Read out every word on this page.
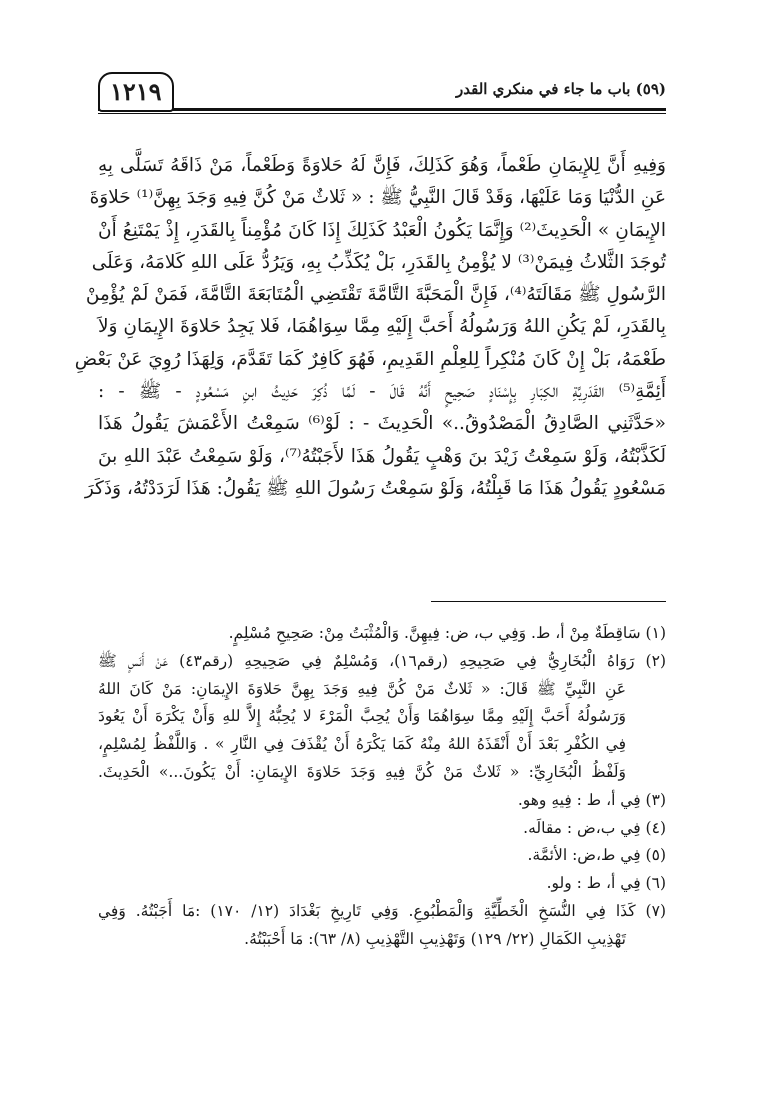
(٥٩) باب ما جاء في منكري القدر
١٢١٩
وَفِيهِ أَنَّ لِلإِيمَانِ طَعْماً، وَهُوَ كَذَلِكَ، فَإِنَّ لَهُ حَلاوَةً وَطَعْماً، مَنْ ذَاقَهُ تَسَلَّى بِهِ
عَنِ الدُّنْيَا وَمَا عَلَيْهَا، وَقَدْ قَالَ النَّبِيُّ ﷺ : « ثَلاثٌ مَنْ كُنَّ فِيهِ وَجَدَ بِهِنَّ⁽¹⁾ حَلاوَةَ
الإِيمَانِ » الْحَدِيثَ⁽²⁾ وَإِنَّمَا يَكُونُ الْعَبْدُ كَذَلِكَ إِذَا كَانَ مُؤْمِناً بِالقَدَرِ، إِذْ يَمْتَنِعُ أَنْ
تُوجَدَ الثَّلاثُ فِيمَنْ⁽³⁾ لا يُؤْمِنُ بِالقَدَرِ، بَلْ يُكَذِّبُ بِهِ، وَيَرُدُّ عَلَى اللهِ كَلامَهُ، وَعَلَى
الرَّسُولِ ﷺ مَقَالَتَهُ⁽⁴⁾، فَإِنَّ الْمَحَبَّةَ التَّامَّةَ تَقْتَضِي الْمُتَابَعَةَ التَّامَّةَ، فَمَنْ لَمْ يُؤْمِنْ
بِالقَدَرِ، لَمْ يَكُنِ اللهُ وَرَسُولُهُ أَحَبَّ إِلَيْهِ مِمَّا سِوَاهُمَا، فَلا يَجِدُ حَلاوَةَ الإِيمَانِ وَلاَ
طَعْمَهُ، بَلْ إِنْ كَانَ مُنْكِراً لِلعِلْمِ القَدِيمِ، فَهُوَ كَافِرٌ كَمَا تَقَدَّمَ، وَلِهَذَا رُوِيَ عَنْ بَعْضِ
أَئِمَّةِ⁽⁵⁾ القَدَرِيَّةِ الكِبَارِ بِإِسْنَادٍ صَحِيحٍ أَنَّهُ قَالَ - لَمَّا ذُكِرَ حَدِيثُ ابنِ مَسْعُودٍ - ﷺ - :
«حَدَّثَنِي الصَّادِقُ الْمَصْدُوقُ..» الْحَدِيثَ - : لَوْ⁽⁶⁾ سَمِعْتُ الأَعْمَشَ يَقُولُ هَذَا
لَكَذَّبْتُهُ، وَلَوْ سَمِعْتُ زَيْدَ بنَ وَهْبٍ يَقُولُ هَذَا لأَجَبْتُهُ⁽⁷⁾، وَلَوْ سَمِعْتُ عَبْدَ اللهِ بنَ
مَسْعُودٍ يَقُولُ هَذَا مَا قَبِلْتُهُ، وَلَوْ سَمِعْتُ رَسُولَ اللهِ ﷺ يَقُولُ: هَذَا لَرَدَدْتُهُ، وَذَكَرَ
(١) سَاقِطَةٌ مِنْ أ، ط. وَفِي ب، ض: فِيهِنَّ. وَالْمُثْبَتُ مِنْ: صَحِيحِ مُسْلِمٍ.
(٢) رَوَاهُ الْبُخَارِيُّ فِي صَحِيحِهِ (رقم١٦)، وَمُسْلِمٌ فِي صَحِيحِهِ (رقم٤٣) عَنْ أَنَسٍ ﷺ
عَنِ النَّبِيِّ ﷺ قَالَ: « ثَلاثٌ مَنْ كُنَّ فِيهِ وَجَدَ بِهِنَّ حَلاوَةَ الإِيمَانِ: مَنْ كَانَ اللهُ
وَرَسُولُهُ أَحَبَّ إِلَيْهِ مِمَّا سِوَاهُمَا وَأَنْ يُحِبَّ الْمَرْءَ لا يُحِبُّهُ إِلاَّ للهِ وَأَنْ يَكْرَهَ أَنْ يَعُودَ
فِي الكُفْرِ بَعْدَ أَنْ أَنْقَذَهُ اللهُ مِنْهُ كَمَا يَكْرَهُ أَنْ يُقْذَفَ فِي النَّارِ » . وَاللَّفْظُ لِمُسْلِمٍ،
وَلَفْظُ الْبُخَارِيِّ: « ثَلاثٌ مَنْ كُنَّ فِيهِ وَجَدَ حَلاوَةَ الإِيمَانِ: أَنْ يَكُونَ...» الْحَدِيثَ.
(٣) فِي أ، ط : فِيهِ وهو.
(٤) فِي ب،ض : مقالَه.
(٥) فِي ط،ض: الأئمَّة.
(٦) فِي أ، ط : ولو.
(٧) كَذَا فِي النُّسَخِ الْخَطِّيَّةِ وَالْمَطْبُوعِ. وَفِي تَارِيخِ بَغْدَادَ (١٢/ ١٧٠) :مَا أَجَبْتُهُ. وَفِي
تَهْذِيبِ الكَمَالِ (٢٢/ ١٢٩) وَتَهْذِيبِ التَّهْذِيبِ (٨/ ٦٣): مَا أَحْبَبْتُهُ.
